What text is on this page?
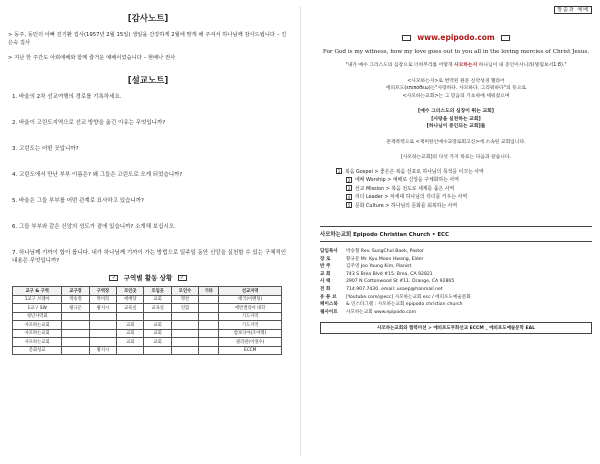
[감사노트]

> 동주, 동민의 아빠 진기환 집사(1957년 2월 15일) 생일을 건강하게 2월에 맞게 해 주셔서 하나님께 감사드립니다 – 진은숙 집사

> 지난 한 주간도 아뢰에배와 함께 즐거운 예배이었습니다 – 현배나 권사

[설교노트]

1. 바울의 2차 선교여행의 경로를 기록하세요.

2. 바울이 고린도지역으로 선교 방향을 옮긴 이유는 무엇입니까?

3. 고린도는 어떤 곳입니까?

4. 고린도에서 만난 부부 이름은? 왜 그들은 고린도로 오게 되었습니까?

5. 바울은 그들 부부를 어떤 관계로 묘사하고 있습니까?

6. 그들 부부와 같은 신앙의 성도가 곁에 있습니까? 소개해 보십시오.

7. 하나님께 기까이 합이 봅니다. 내가 하나님께 기까이 가는 방법으로 일주일 동안 신앙을 실천할 수 있는 구체적인 내용은 무엇입니까?

✓ 구역별 활동 상황 ✓
교구 & 구역	교구장	구역장	모인곳	모임곳	모인수	기타	선교지역
1교구 브레아	박승철	박미라	에배당	교회	명찬		태국(이벤팅)
1교구 SW	황규문	황지시	교육실	교육실	연합		에반젤리아 대학
청년사역회							기도지역
사모하는교회			교회	교회			기도지역
사모하는교회			교회	교회			캄보디아(조야명)
사모하는교회			교회	교회			필리핀(이정수)
문화성교		황지시					ECCM
말씀과 예배
www.epipodo.com

For God is my witness, how my love goes out to you all in the loving mercies of Christ Jesus.

"내가 예수 그리스도의 심장으로 너희무리를 어떻게 사모하는지 하나님이 내 증인이시니라(빌립보서1:8)."

<사모하는지>로 번역된 원문 신약성경 헬라어
에피포도(επιποθεω)는"사랑하다. 사모하다. 그리워하다"의 뜻으로
<사모하는교회>는 그 믿음의 기초위에 세워졌으며
[예수 그리스도의 심장이 뛰는 교회]
[사랑을 실천하는 교회]
[하나님이 증인되는 교회]를
흔재폭력으로 <재미한인예수교장로회고신>에 소속된 교회입니다.
[사모하는교회]의 다섯 가지 목표는 다음과 같습니다.
1 복음 Gospel > 좋은은 복음 선포로 하나님의 목적을 이끄는 사역
2 예배 Worship > 예배로 신앙을 구체화하는 사역
3 선교 Mission > 복음 전도로 세계를 품은 사역
4 리더 Leader > 차세대 하나님의 리더를 키우는 사역
5 문화 Culture > 하나님의 문화를 회복하는 사역
사모하는교회 Epipodo Christian Church • ECC
담임목사	박승철 Rev. SungChul Baek, Pastor
장 로	황규문 Mr. Kyu Moon Hwang, Elder
반 주	김주영 Joo Young Kim, Pianist
교 회	743 S Brea Blvd #15. Brea, CA 92821
사 택	2907 N Cottonwood St #11. Orange, CA 92865
전 화	714.907.7430. email: usaep@hanmail.net
유 튜 브	[Youtube.com/@ecc] 사모하는교회 ecc / 에피포도예술문화
페이스북	& 인스타그램 : 사모하는교회 epipodo christian church
웹사이트	사모하는교회 www.epipodo.com
사모하는교회와 협력미션 > 에피포도무화선교 ECCM _ 에피포도예술문학 EAL
